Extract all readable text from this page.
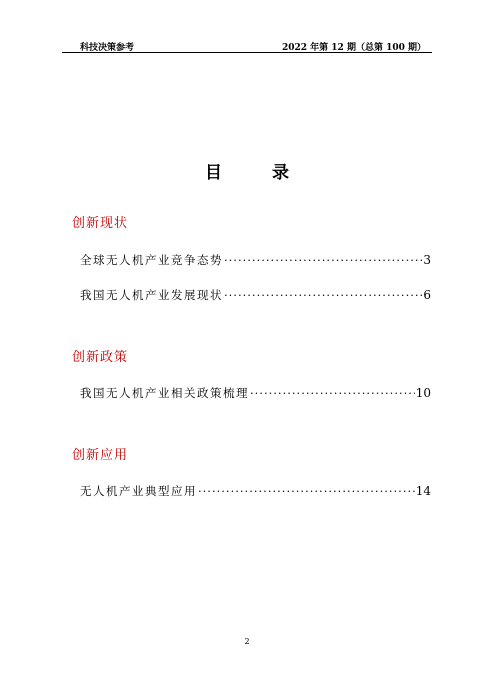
科技决策参考	2022 年第 12 期（总第 100 期）
目 录
创新现状
全球无人机产业竞争态势 ·····	3
我国无人机产业发展现状 ·····	6
创新政策
我国无人机产业相关政策梳理 ·····	10
创新应用
无人机产业典型应用 ·····	14
2
